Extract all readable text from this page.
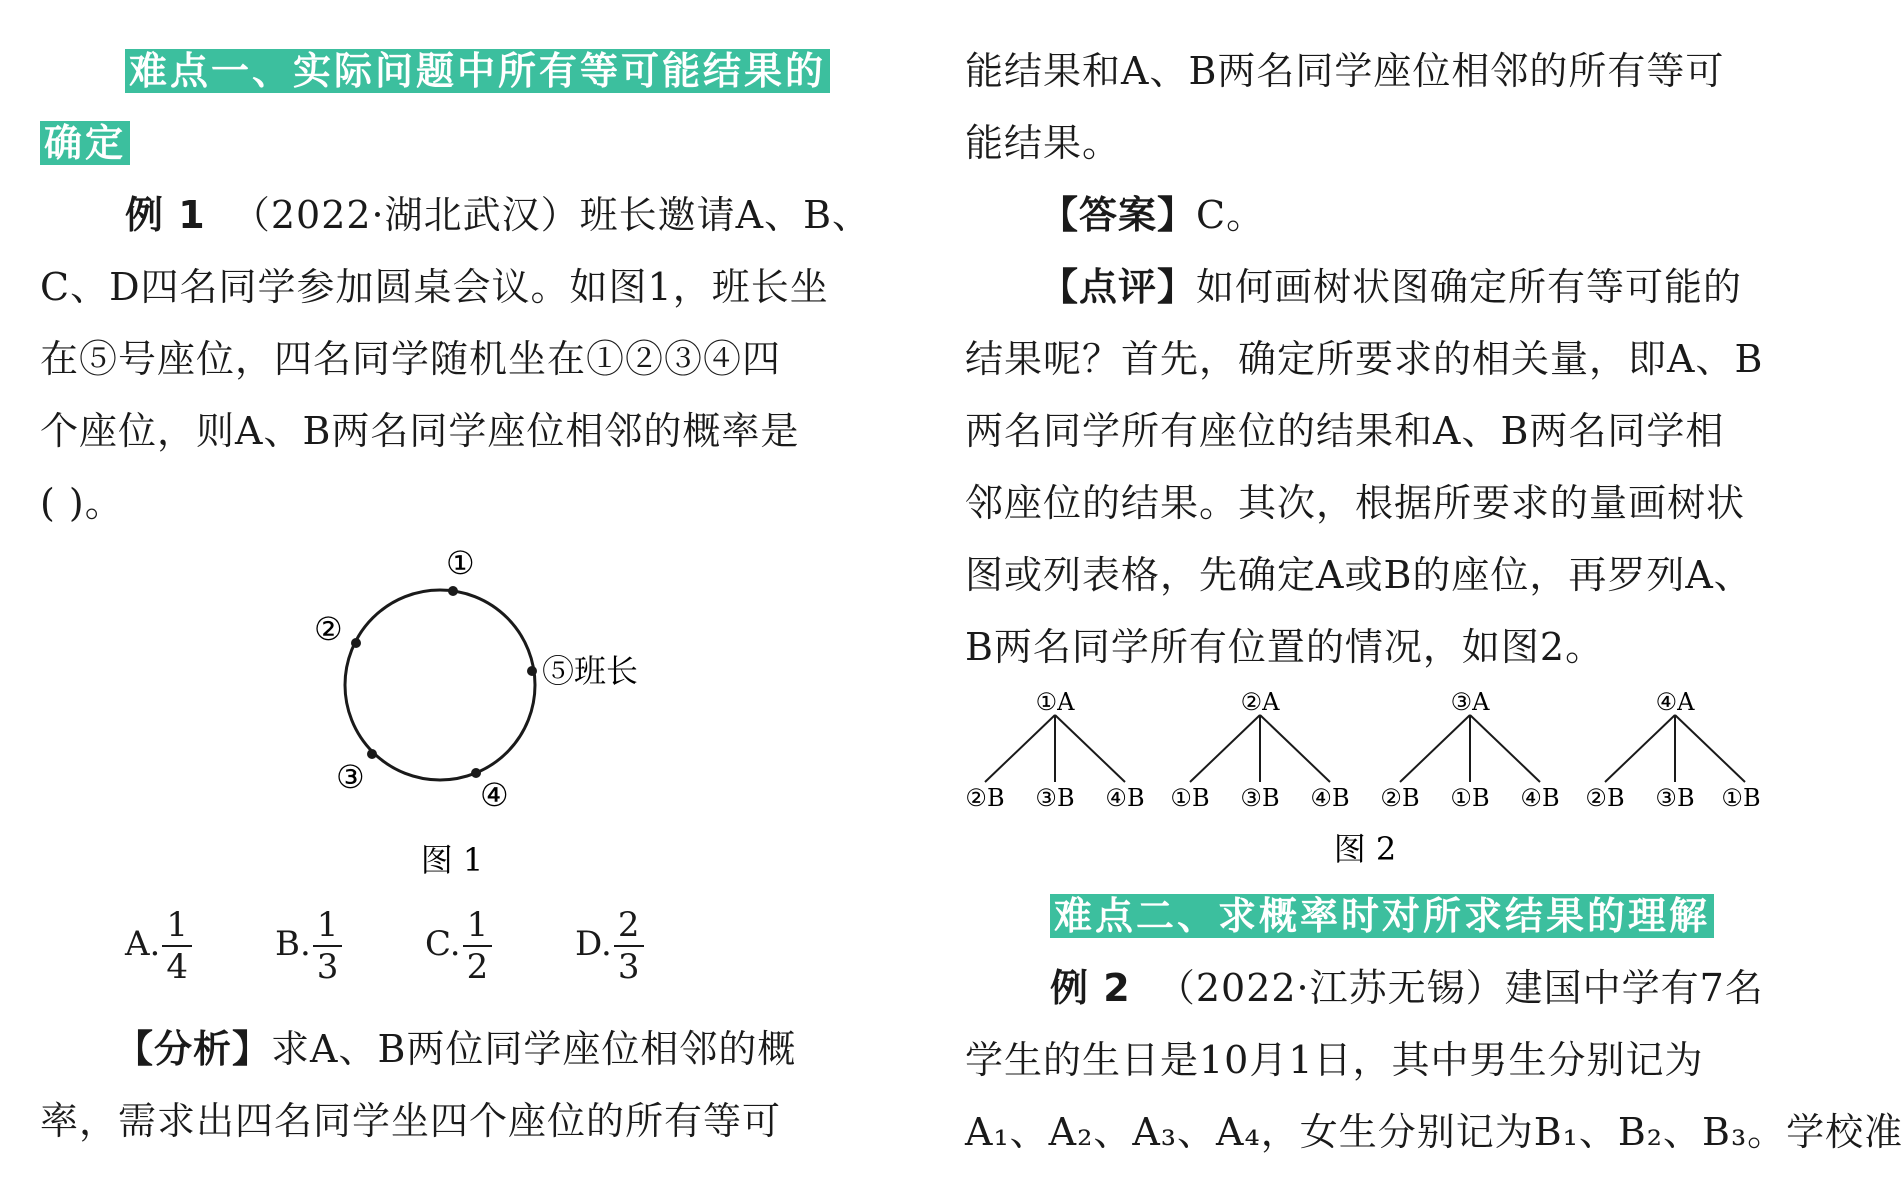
难点一、实际问题中所有等可能结果的
确定
例 1 （2022·湖北武汉）班长邀请A、B、
C、D四名同学参加圆桌会议。如图1，班长坐
在⑤号座位，四名同学随机坐在①②③④四
个座位，则A、B两名同学座位相邻的概率是
( )。
①
②
③	④
⑤班长
图 1
A. $\frac{1}{4} B$. $\frac{1}{3} C$. $\frac{1}{2} D$. $\frac{2}{3}$
【分析】求A、B两位同学座位相邻的概
率，需求出四名同学坐四个座位的所有等可
能结果和A、B两名同学座位相邻的所有等可
能结果。
【答案】C。
【点评】如何画树状图确定所有等可能的
结果呢？首先，确定所要求的相关量，即A、B
两名同学所有座位的结果和A、B两名同学相
邻座位的结果。其次，根据所要求的量画树状
图或列表格，先确定A或B的座位，再罗列A、
B两名同学所有位置的情况，如图2。
①A
②B ③B ④B
②A
①B ③B ④B
③A
②B ①B ④B
④A
②B ③B ①B
图 2
难点二、求概率时对所求结果的理解
例 2 （2022·江苏无锡）建国中学有7名
学生的生日是10月1日，其中男生分别记为
A₁、A₂、A₃、A₄，女生分别记为B₁、B₂、B₃。学校准
